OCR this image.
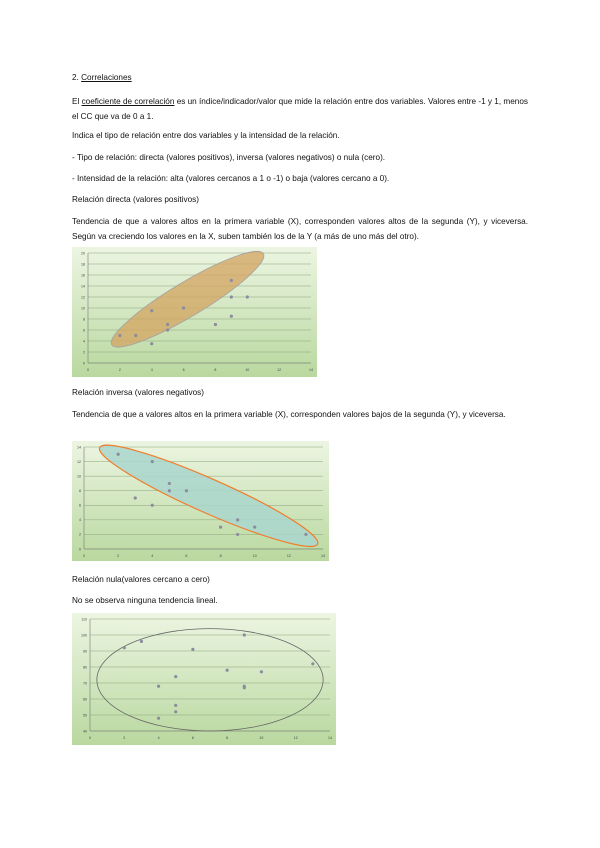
2. Correlaciones

El coeficiente de correlación es un índice/indicador/valor que mide la relación entre dos variables. Valores entre -1 y 1, menos el CC que va de 0 a 1.

Indica el tipo de relación entre dos variables y la intensidad de la relación.

- Tipo de relación: directa (valores positivos), inversa (valores negativos) o nula (cero).

- Intensidad de la relación: alta (valores cercanos a 1 o -1) o baja (valores cercano a 0).

Relación directa (valores positivos)

Tendencia de que a valores altos en la primera variable (X), corresponden valores altos de la segunda (Y), y viceversa. Según va creciendo los valores en la X, suben también los de la Y (a más de uno más del otro).

0	2	4	6	8	10	12	14
0
2
4
6
8
10
12
14
16
18
20

Relación inversa (valores negativos)

Tendencia de que a valores altos en la primera variable (X), corresponden valores bajos de la segunda (Y), y viceversa.

0	2	4	6	8	10	12	14
0
2
4
6
8
10
12
14

Relación nula(valores cercano a cero)

No se observa ninguna tendencia lineal.

0	2	4	6	8	10	12	14
40
50
60
70
80
90
100
110
